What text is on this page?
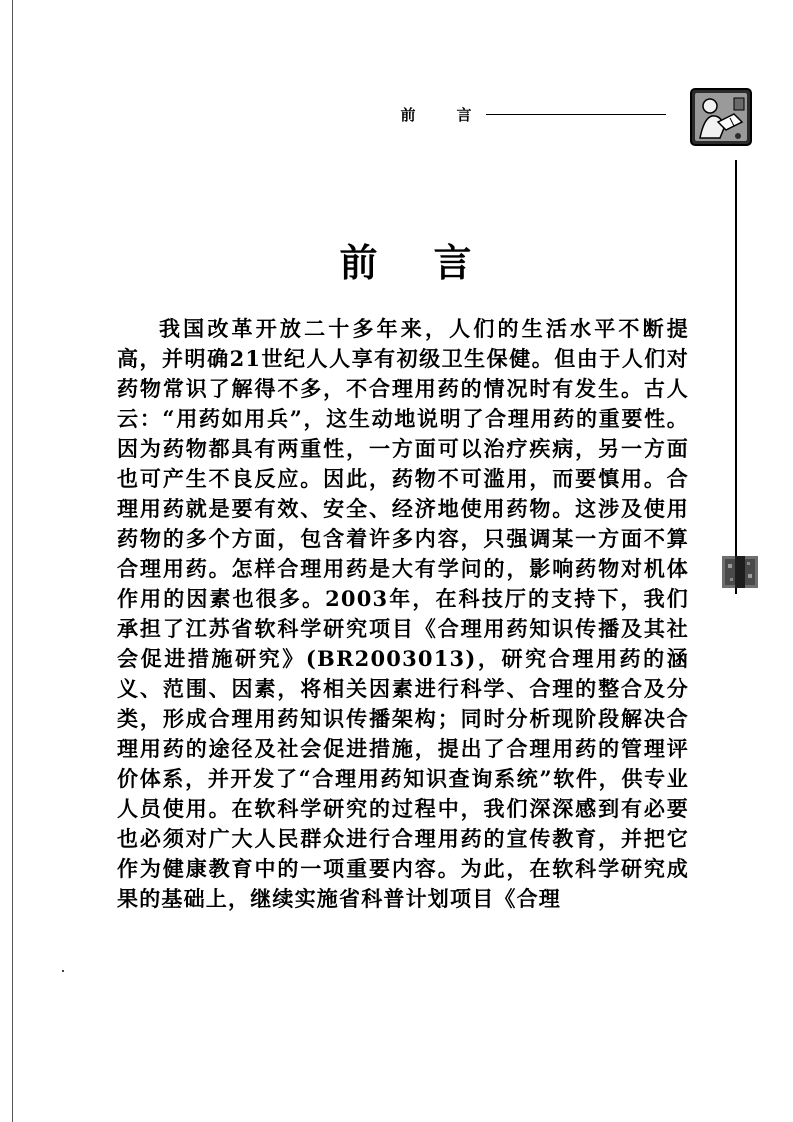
前	言
前 言

我国改革开放二十多年来，人们的生活水平不断提高，并明确21世纪人人享有初级卫生保健。但由于人们对药物常识了解得不多，不合理用药的情况时有发生。古人云：“用药如用兵”，这生动地说明了合理用药的重要性。因为药物都具有两重性，一方面可以治疗疾病，另一方面也可产生不良反应。因此，药物不可滥用，而要慎用。合理用药就是要有效、安全、经济地使用药物。这涉及使用药物的多个方面，包含着许多内容，只强调某一方面不算合理用药。怎样合理用药是大有学问的，影响药物对机体作用的因素也很多。2003年，在科技厅的支持下，我们承担了江苏省软科学研究项目《合理用药知识传播及其社会促进措施研究》(BR2003013)，研究合理用药的涵义、范围、因素，将相关因素进行科学、合理的整合及分类，形成合理用药知识传播架构；同时分析现阶段解决合理用药的途径及社会促进措施，提出了合理用药的管理评价体系，并开发了“合理用药知识查询系统”软件，供专业人员使用。在软科学研究的过程中，我们深深感到有必要也必须对广大人民群众进行合理用药的宣传教育，并把它作为健康教育中的一项重要内容。为此，在软科学研究成果的基础上，继续实施省科普计划项目《合理
